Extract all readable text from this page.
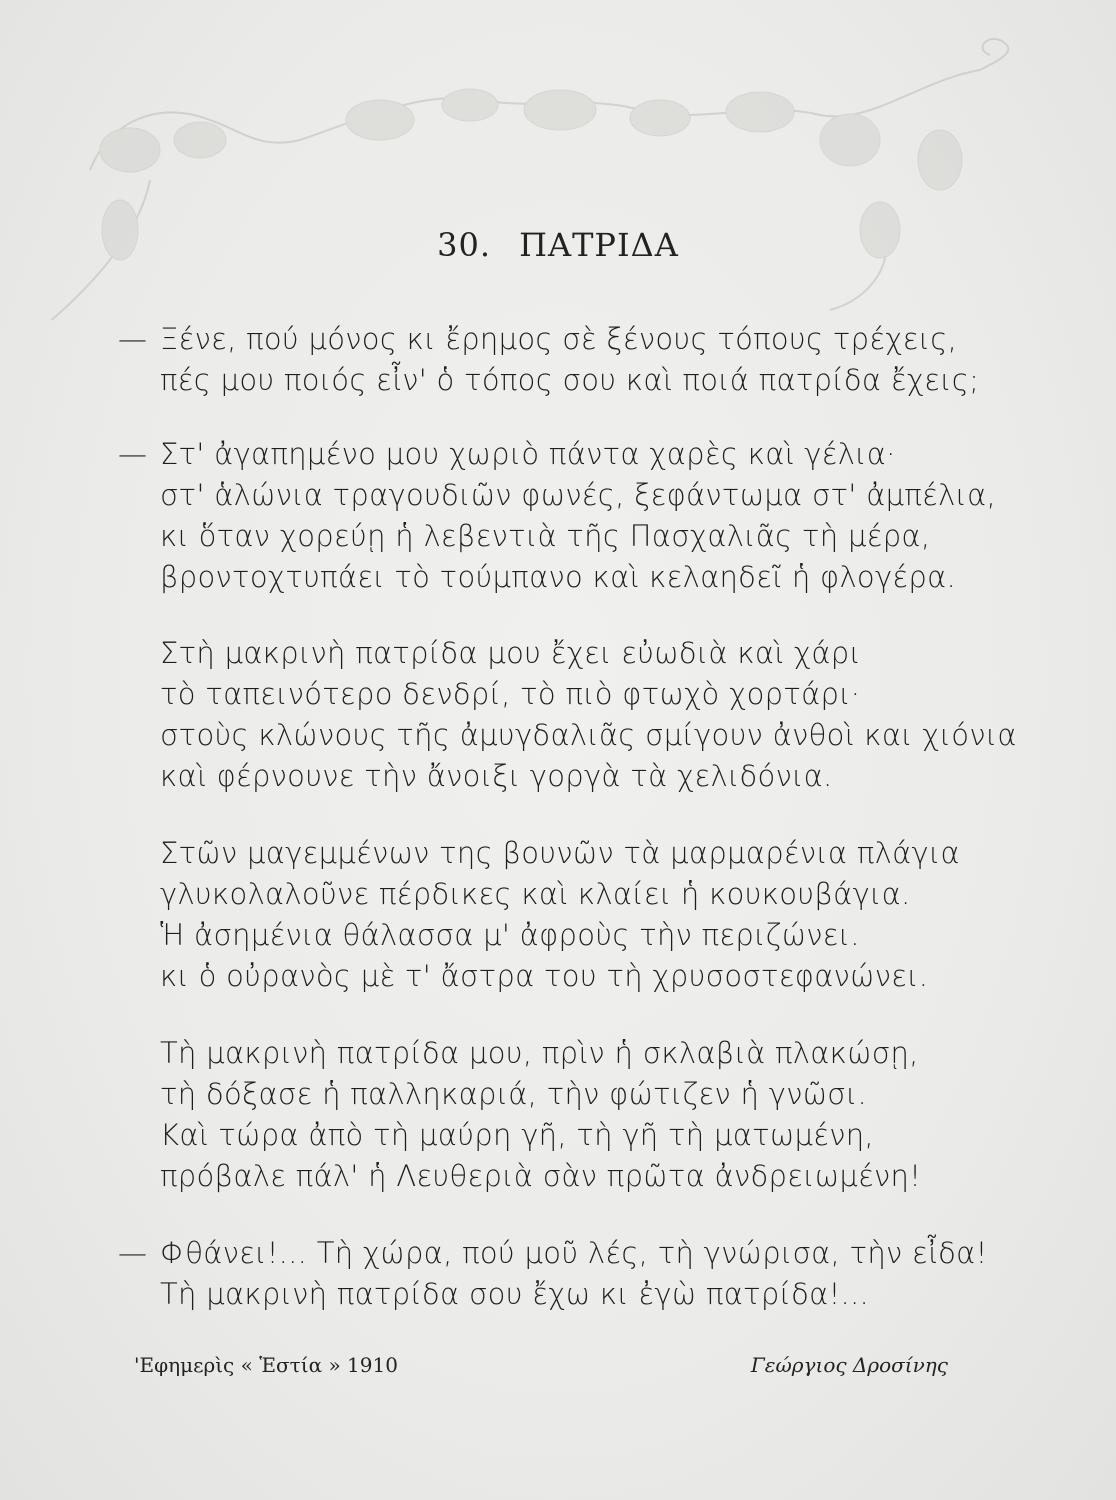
30. ΠΑΤΡΙΔΑ
— Ξένε, πού μόνος κι ἔρημος σὲ ξένους τόπους τρέχεις,
πές μου ποιός εἶν' ὁ τόπος σου καὶ ποιά πατρίδα ἔχεις;
— Στ' ἀγαπημένο μου χωριὸ πάντα χαρὲς καὶ γέλια·
στ' ἁλώνια τραγουδιῶν φωνές, ξεφάντωμα στ' ἀμπέλια,
κι ὅταν χορεύῃ ἡ λεβεντιὰ τῆς Πασχαλιᾶς τὴ μέρα,
βροντοχτυπάει τὸ τούμπανο καὶ κελαηδεῖ ἡ φλογέρα.
Στὴ μακρινὴ πατρίδα μου ἔχει εὐωδιὰ καὶ χάρι
τὸ ταπεινότερο δενδρί, τὸ πιὸ φτωχὸ χορτάρι·
στοὺς κλώνους τῆς ἀμυγδαλιᾶς σμίγουν ἀνθοὶ και χιόνια
καὶ φέρνουνε τὴν ἄνοιξι γοργὰ τὰ χελιδόνια.
Στῶν μαγεμμένων της βουνῶν τὰ μαρμαρένια πλάγια
γλυκολαλοῦνε πέρδικες καὶ κλαίει ἡ κουκουβάγια.
Ἡ ἀσημένια θάλασσα μ' ἀφροὺς τὴν περιζώνει.
κι ὁ οὐρανὸς μὲ τ' ἄστρα του τὴ χρυσοστεφανώνει.
Τὴ μακρινὴ πατρίδα μου, πρὶν ἡ σκλαβιὰ πλακώσῃ,
τὴ δόξασε ἡ παλληκαριά, τὴν φώτιζεν ἡ γνῶσι.
Καὶ τώρα ἀπὸ τὴ μαύρη γῆ, τὴ γῆ τὴ ματωμένη,
πρόβαλε πάλ' ἡ Λευθεριὰ σὰν πρῶτα ἀνδρειωμένη!
— Φθάνει!... Τὴ χώρα, πού μοῦ λές, τὴ γνώρισα, τὴν εἶδα!
Τὴ μακρινὴ πατρίδα σου ἔχω κι ἐγὼ πατρίδα!...
'Εφημερὶς « Ἑστία » 1910	Γεώργιος Δροσίνης
